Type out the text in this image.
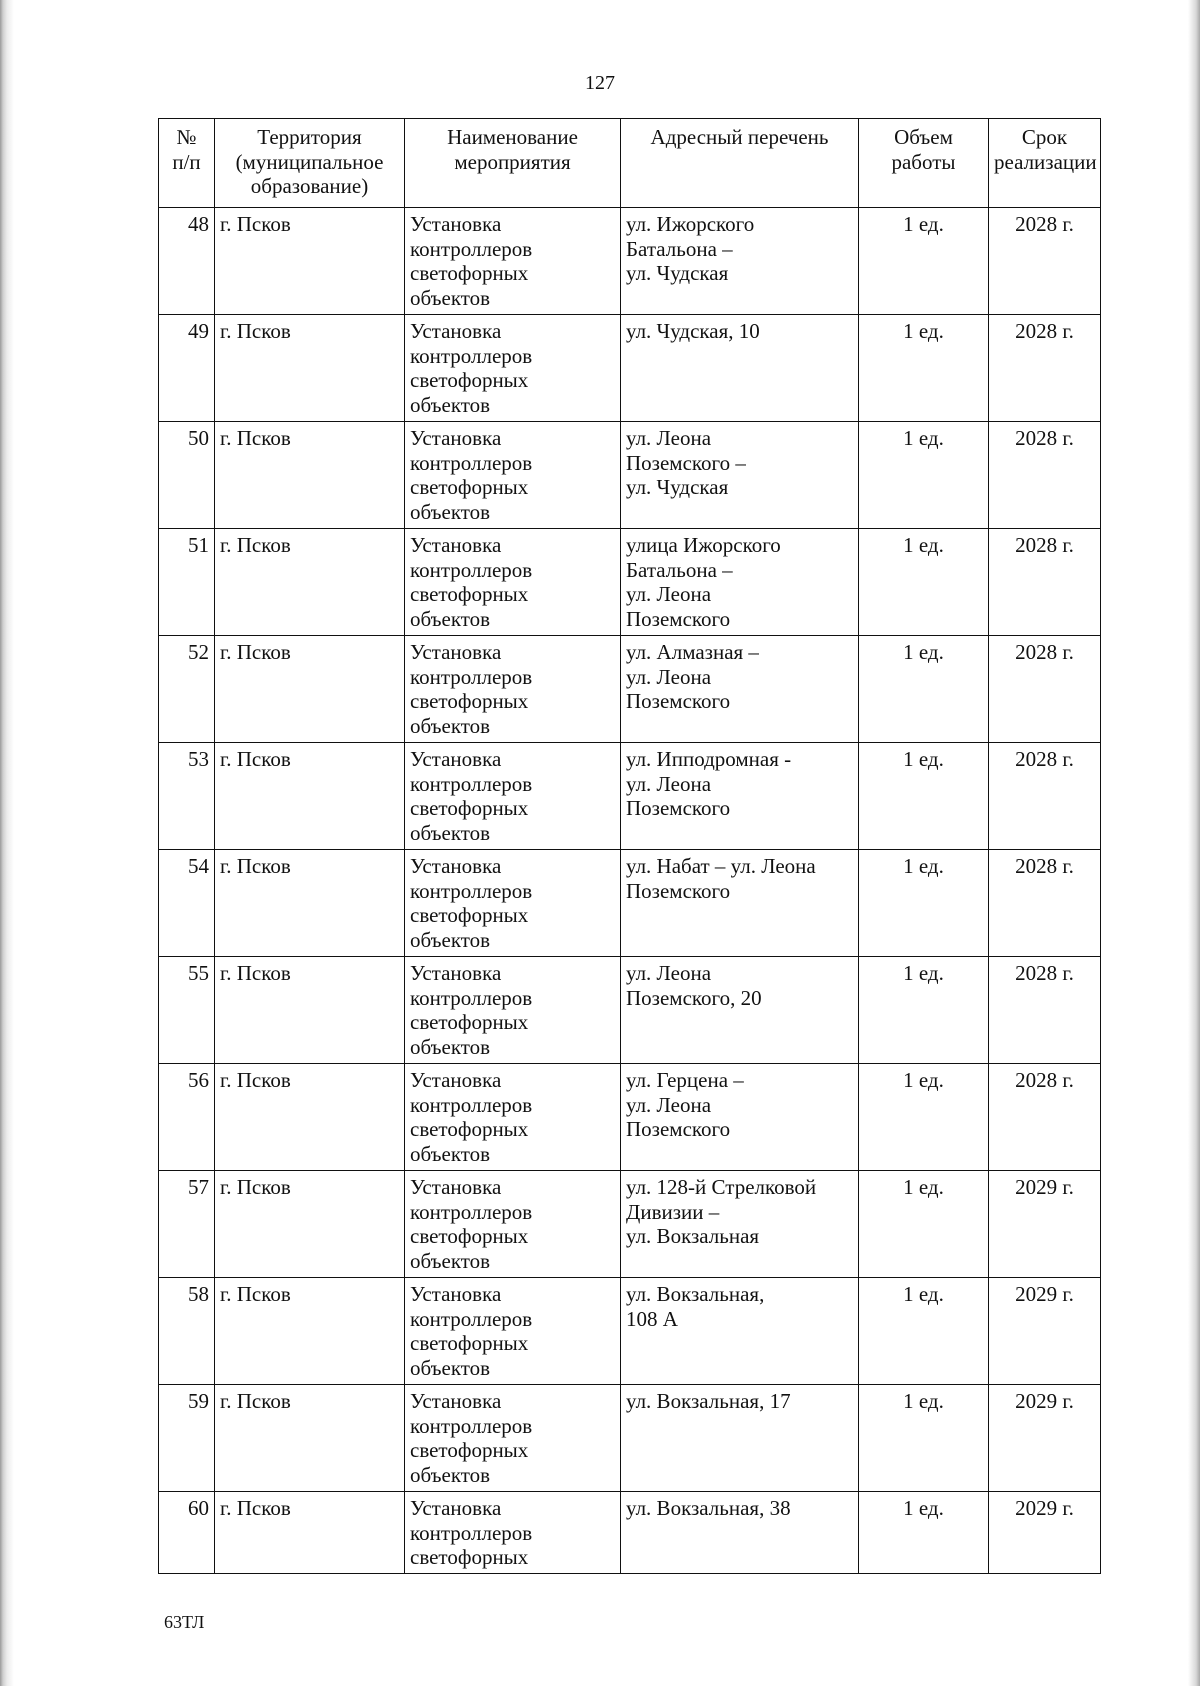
127
№
п/п	Территория
(муниципальное
образование)	Наименование
мероприятия	Адресный перечень	Объем
работы	Срок
реализации

48	г. Псков	Установка
контроллеров
светофорных
объектов	ул. Ижорского
Батальона –
ул. Чудская	1 ед.	2028 г.

49	г. Псков	Установка
контроллеров
светофорных
объектов	ул. Чудская, 10	1 ед.	2028 г.

50	г. Псков	Установка
контроллеров
светофорных
объектов	ул. Леона
Поземского –
ул. Чудская	1 ед.	2028 г.

51	г. Псков	Установка
контроллеров
светофорных
объектов	улица Ижорского
Батальона –
ул. Леона
Поземского	1 ед.	2028 г.

52	г. Псков	Установка
контроллеров
светофорных
объектов	ул. Алмазная –
ул. Леона
Поземского	1 ед.	2028 г.

53	г. Псков	Установка
контроллеров
светофорных
объектов	ул. Ипподромная -
ул. Леона
Поземского	1 ед.	2028 г.

54	г. Псков	Установка
контроллеров
светофорных
объектов	ул. Набат – ул. Леона
Поземского	1 ед.	2028 г.

55	г. Псков	Установка
контроллеров
светофорных
объектов	ул. Леона
Поземского, 20	1 ед.	2028 г.

56	г. Псков	Установка
контроллеров
светофорных
объектов	ул. Герцена –
ул. Леона
Поземского	1 ед.	2028 г.

57	г. Псков	Установка
контроллеров
светофорных
объектов	ул. 128-й Стрелковой
Дивизии –
ул. Вокзальная	1 ед.	2029 г.

58	г. Псков	Установка
контроллеров
светофорных
объектов	ул. Вокзальная,
108 А	1 ед.	2029 г.

59	г. Псков	Установка
контроллеров
светофорных
объектов	ул. Вокзальная, 17	1 ед.	2029 г.

60	г. Псков	Установка
контроллеров
светофорных	ул. Вокзальная, 38	1 ед.	2029 г.
63ТЛ
